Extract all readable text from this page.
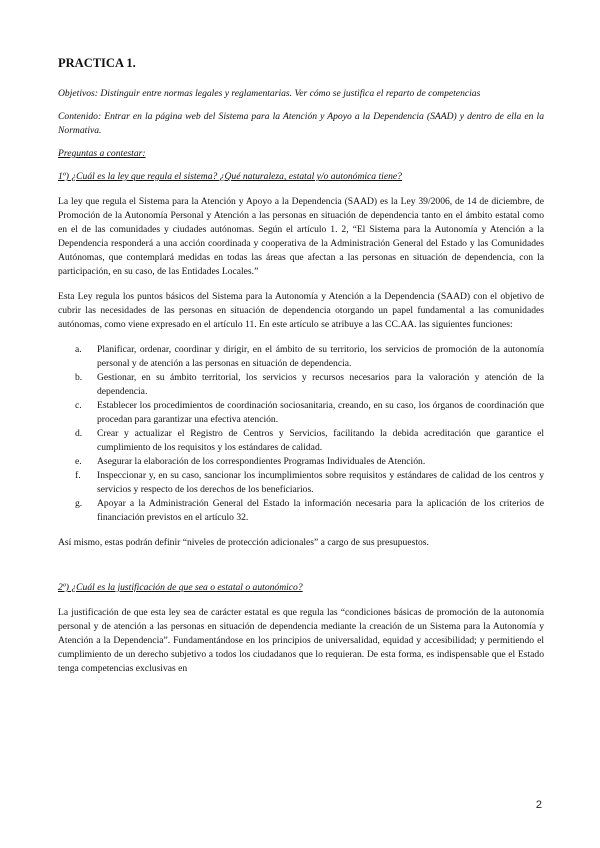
PRACTICA 1.

Objetivos: Distinguir entre normas legales y reglamentarias. Ver cómo se justifica el reparto de competencias

Contenido: Entrar en la página web del Sistema para la Atención y Apoyo a la Dependencia (SAAD) y dentro de ella en la Normativa.

Preguntas a contestar:

1º) ¿Cuál es la ley que regula el sistema? ¿Qué naturaleza, estatal y/o autonómica tiene?

La ley que regula el Sistema para la Atención y Apoyo a la Dependencia (SAAD) es la Ley 39/2006, de 14 de diciembre, de Promoción de la Autonomía Personal y Atención a las personas en situación de dependencia tanto en el ámbito estatal como en el de las comunidades y ciudades autónomas. Según el artículo 1. 2, “El Sistema para la Autonomía y Atención a la Dependencia responderá a una acción coordinada y cooperativa de la Administración General del Estado y las Comunidades Autónomas, que contemplará medidas en todas las áreas que afectan a las personas en situación de dependencia, con la participación, en su caso, de las Entidades Locales.”

Esta Ley regula los puntos básicos del Sistema para la Autonomía y Atención a la Dependencia (SAAD) con el objetivo de cubrir las necesidades de las personas en situación de dependencia otorgando un papel fundamental a las comunidades autónomas, como viene expresado en el artículo 11. En este artículo se atribuye a las CC.AA. las siguientes funciones:

a. Planificar, ordenar, coordinar y dirigir, en el ámbito de su territorio, los servicios de promoción de la autonomía personal y de atención a las personas en situación de dependencia.
b. Gestionar, en su ámbito territorial, los servicios y recursos necesarios para la valoración y atención de la dependencia.
c. Establecer los procedimientos de coordinación sociosanitaria, creando, en su caso, los órganos de coordinación que procedan para garantizar una efectiva atención.
d. Crear y actualizar el Registro de Centros y Servicios, facilitando la debida acreditación que garantice el cumplimiento de los requisitos y los estándares de calidad.
e. Asegurar la elaboración de los correspondientes Programas Individuales de Atención.
f. Inspeccionar y, en su caso, sancionar los incumplimientos sobre requisitos y estándares de calidad de los centros y servicios y respecto de los derechos de los beneficiarios.
g. Apoyar a la Administración General del Estado la información necesaria para la aplicación de los criterios de financiación previstos en el artículo 32.

Así mismo, estas podrán definir “niveles de protección adicionales” a cargo de sus presupuestos.

2º) ¿Cuál es la justificación de que sea o estatal o autonómico?

La justificación de que esta ley sea de carácter estatal es que regula las “condiciones básicas de promoción de la autonomía personal y de atención a las personas en situación de dependencia mediante la creación de un Sistema para la Autonomía y Atención a la Dependencia”. Fundamentándose en los principios de universalidad, equidad y accesibilidad; y permitiendo el cumplimiento de un derecho subjetivo a todos los ciudadanos que lo requieran. De esta forma, es indispensable que el Estado tenga competencias exclusivas en

2
